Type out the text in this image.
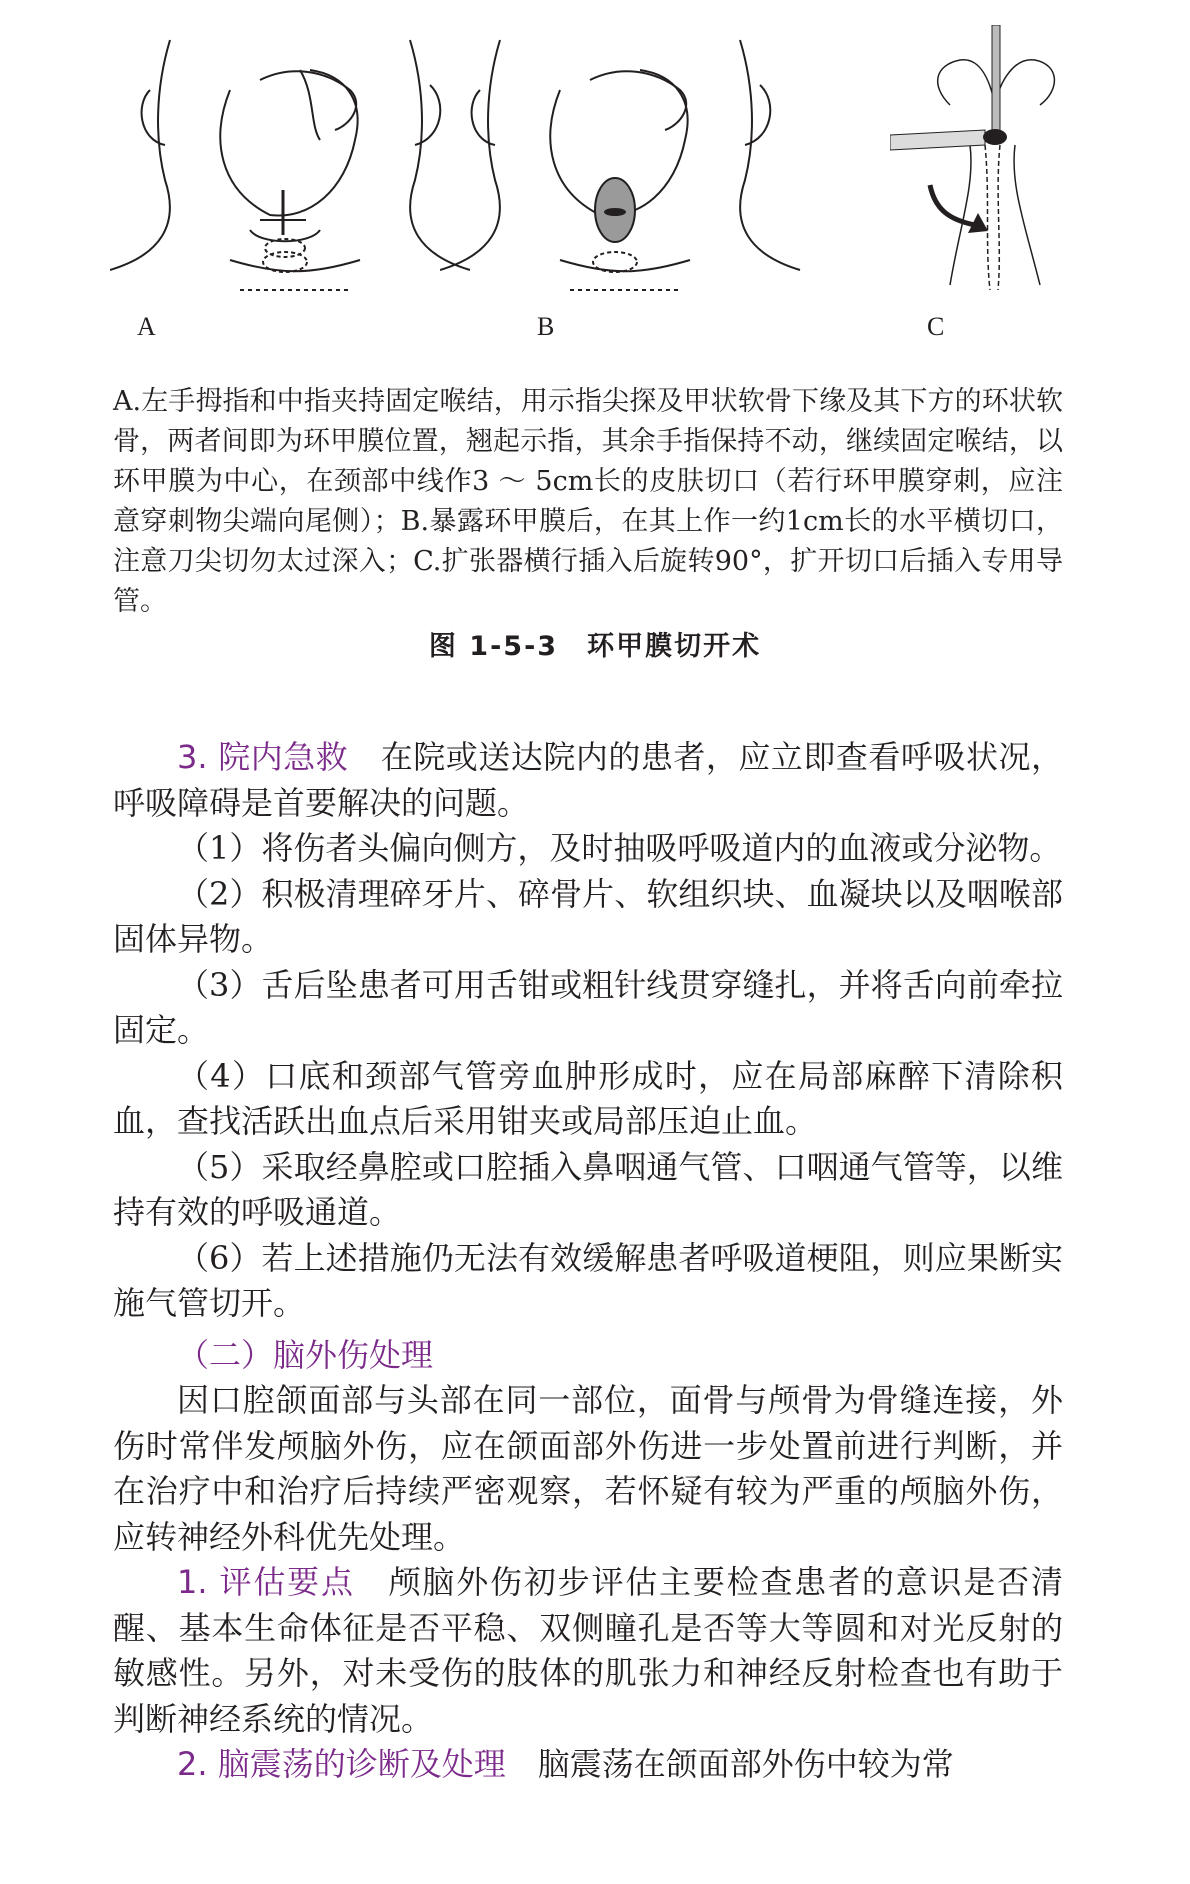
A	B	C

A.左手拇指和中指夹持固定喉结，用示指尖探及甲状软骨下缘及其下方的环状软骨，两者间即为环甲膜位置，翘起示指，其余手指保持不动，继续固定喉结，以环甲膜为中心，在颈部中线作3 ～ 5cm长的皮肤切口（若行环甲膜穿刺，应注意穿刺物尖端向尾侧）；B.暴露环甲膜后，在其上作一约1cm长的水平横切口，注意刀尖切勿太过深入；C.扩张器横行插入后旋转90°，扩开切口后插入专用导管。

图 1-5-3　环甲膜切开术

3. 院内急救　 在院或送达院内的患者，应立即查看呼吸状况，呼吸障碍是首要解决的问题。

（1）将伤者头偏向侧方，及时抽吸呼吸道内的血液或分泌物。

（2）积极清理碎牙片、碎骨片、软组织块、血凝块以及咽喉部固体异物。

（3）舌后坠患者可用舌钳或粗针线贯穿缝扎，并将舌向前牵拉固定。

（4）口底和颈部气管旁血肿形成时，应在局部麻醉下清除积血，查找活跃出血点后采用钳夹或局部压迫止血。

（5）采取经鼻腔或口腔插入鼻咽通气管、口咽通气管等，以维持有效的呼吸通道。

（6）若上述措施仍无法有效缓解患者呼吸道梗阻，则应果断实施气管切开。

（二）脑外伤处理

因口腔颌面部与头部在同一部位，面骨与颅骨为骨缝连接，外伤时常伴发颅脑外伤，应在颌面部外伤进一步处置前进行判断，并在治疗中和治疗后持续严密观察，若怀疑有较为严重的颅脑外伤，应转神经外科优先处理。

1. 评估要点　 颅脑外伤初步评估主要检查患者的意识是否清醒、基本生命体征是否平稳、双侧瞳孔是否等大等圆和对光反射的敏感性。另外，对未受伤的肢体的肌张力和神经反射检查也有助于判断神经系统的情况。

2. 脑震荡的诊断及处理　 脑震荡在颌面部外伤中较为常
